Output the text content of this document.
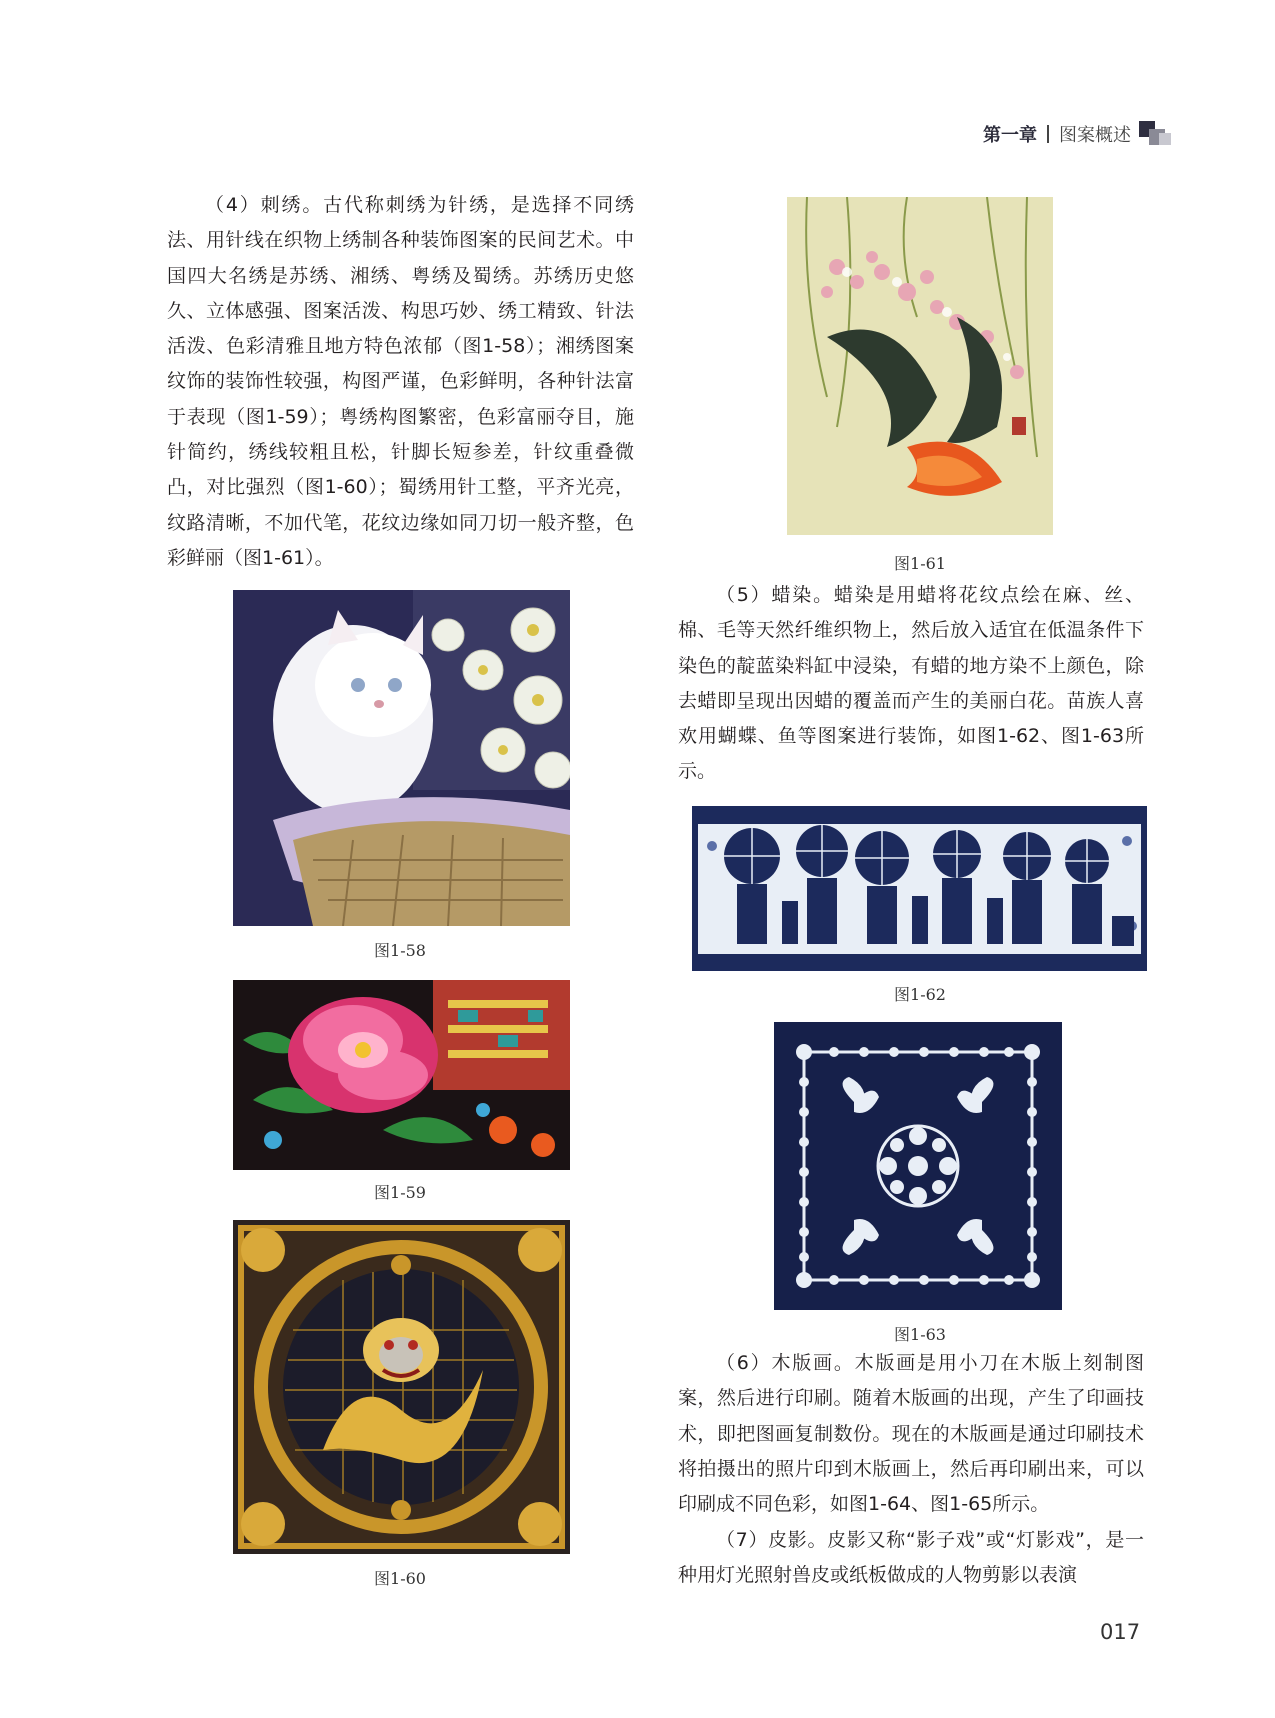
第一章 图案概述

（4）刺绣。古代称刺绣为针绣，是选择不同绣法、用针线在织物上绣制各种装饰图案的民间艺术。中国四大名绣是苏绣、湘绣、粤绣及蜀绣。苏绣历史悠久、立体感强、图案活泼、构思巧妙、绣工精致、针法活泼、色彩清雅且地方特色浓郁（图1-58）；湘绣图案纹饰的装饰性较强，构图严谨，色彩鲜明，各种针法富于表现（图1-59）；粤绣构图繁密，色彩富丽夺目，施针简约，绣线较粗且松，针脚长短参差，针纹重叠微凸，对比强烈（图1-60）；蜀绣用针工整，平齐光亮，纹路清晰，不加代笔，花纹边缘如同刀切一般齐整，色彩鲜丽（图1-61）。

图1-58
图1-59
图1-60
图1-61

（5）蜡染。蜡染是用蜡将花纹点绘在麻、丝、棉、毛等天然纤维织物上，然后放入适宜在低温条件下染色的靛蓝染料缸中浸染，有蜡的地方染不上颜色，除去蜡即呈现出因蜡的覆盖而产生的美丽白花。苗族人喜欢用蝴蝶、鱼等图案进行装饰，如图1-62、图1-63所示。

图1-62
图1-63

（6）木版画。木版画是用小刀在木版上刻制图案，然后进行印刷。随着木版画的出现，产生了印画技术，即把图画复制数份。现在的木版画是通过印刷技术将拍摄出的照片印到木版画上，然后再印刷出来，可以印刷成不同色彩，如图1-64、图1-65所示。

（7）皮影。皮影又称“影子戏”或“灯影戏”，是一种用灯光照射兽皮或纸板做成的人物剪影以表演

017
